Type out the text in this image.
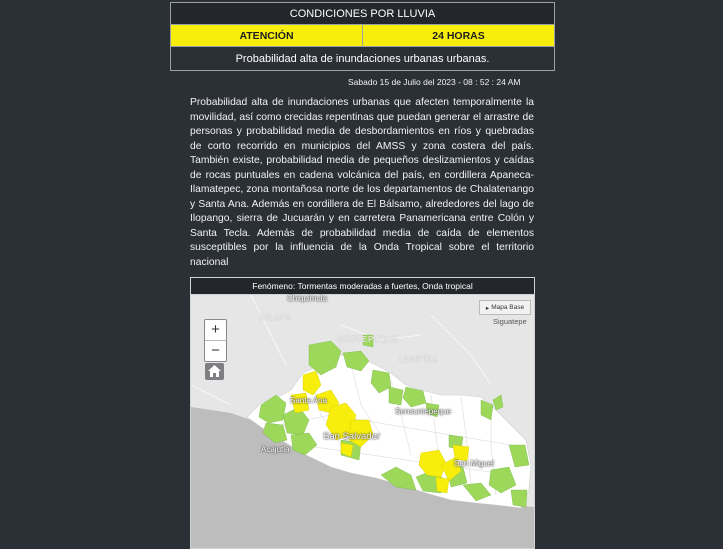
CONDICIONES POR LLUVIA
ATENCIÓN	24 HORAS
Probabilidad alta de inundaciones urbanas urbanas.
Sabado 15 de Julio del 2023 - 08 : 52 : 24 AM

Probabilidad alta de inundaciones urbanas que afecten temporalmente la movilidad, así como crecidas repentinas que puedan generar el arrastre de personas y probabilidad media de desbordamientos en ríos y quebradas de corto recorrido en municipios del AMSS y zona costera del país. También existe, probabilidad media de pequeños deslizamientos y caídas de rocas puntuales en cadena volcánica del país, en cordillera Apaneca-Ilamatepec, zona montañosa norte de los departamentos de Chalatenango y Santa Ana. Además en cordillera de El Bálsamo, alrededores del lago de Ilopango, sierra de Jucuarán y en carretera Panamericana entre Colón y Santa Tecla. Además de probabilidad media de caída de elementos susceptibles por la influencia de la Onda Tropical sobre el territorio nacional

Fenómeno: Tormentas moderadas a fuertes, Onda tropical
+
−
▸ Mapa Base
Chiquimula
JALAPA
OCOTEPEQUE
LEMPIRA
Siguatepe
Santa Ana
San Salvador
Sensuntepeque
Acajutla
San Miguel
